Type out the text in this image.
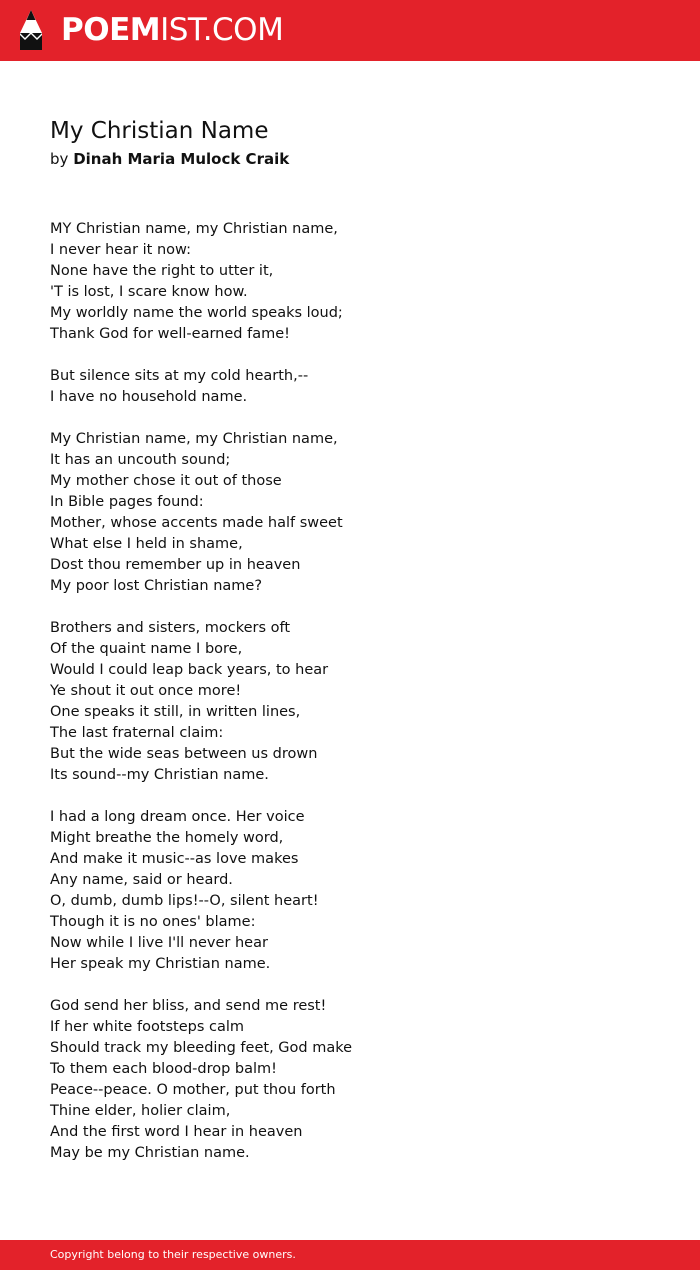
POEMIST.COM
My Christian Name
by Dinah Maria Mulock Craik
MY Christian name, my Christian name,
I never hear it now:
None have the right to utter it,
'T is lost, I scare know how.
My worldly name the world speaks loud;
Thank God for well-earned fame!
But silence sits at my cold hearth,--
I have no household name.
My Christian name, my Christian name,
It has an uncouth sound;
My mother chose it out of those
In Bible pages found:
Mother, whose accents made half sweet
What else I held in shame,
Dost thou remember up in heaven
My poor lost Christian name?
Brothers and sisters, mockers oft
Of the quaint name I bore,
Would I could leap back years, to hear
Ye shout it out once more!
One speaks it still, in written lines,
The last fraternal claim:
But the wide seas between us drown
Its sound--my Christian name.
I had a long dream once. Her voice
Might breathe the homely word,
And make it music--as love makes
Any name, said or heard.
O, dumb, dumb lips!--O, silent heart!
Though it is no ones' blame:
Now while I live I'll never hear
Her speak my Christian name.
God send her bliss, and send me rest!
If her white footsteps calm
Should track my bleeding feet, God make
To them each blood-drop balm!
Peace--peace. O mother, put thou forth
Thine elder, holier claim,
And the first word I hear in heaven
May be my Christian name.
Copyright belong to their respective owners.
